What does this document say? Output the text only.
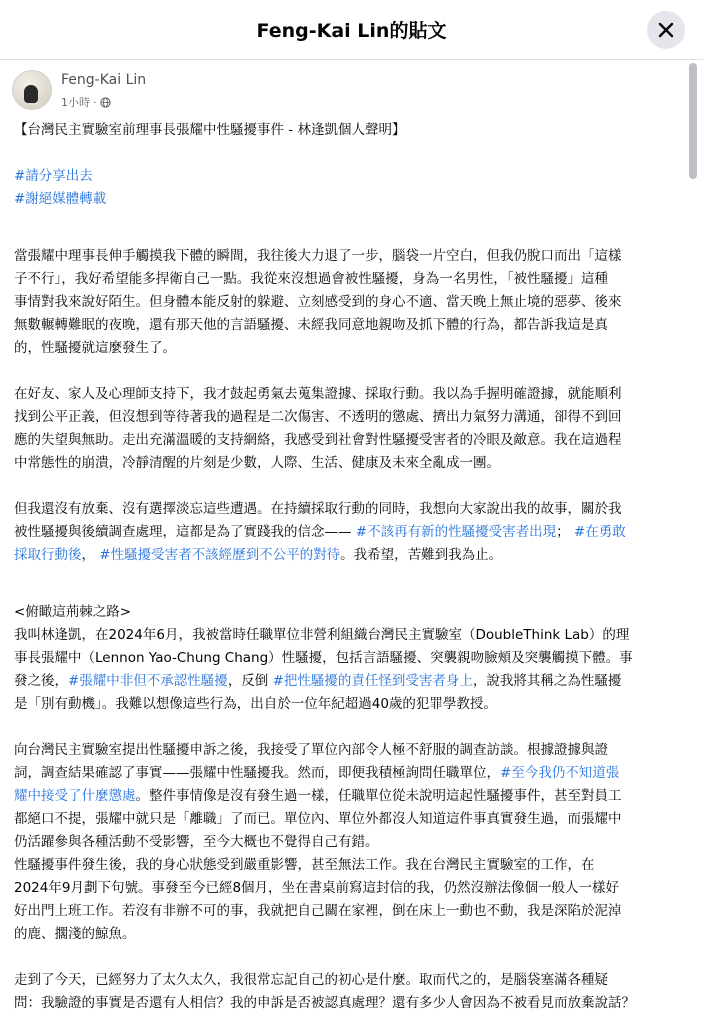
Feng-Kai Lin的貼文
Feng-Kai Lin
1小時 ·

【台灣民主實驗室前理事長張耀中性騷擾事件 - 林逢凱個人聲明】

#請分享出去
#謝絕媒體轉載

當張耀中理事長伸手觸摸我下體的瞬間，我往後大力退了一步，腦袋一片空白，但我仍脫口而出「這樣
子不行」，我好希望能多捍衛自己一點。我從來沒想過會被性騷擾，身為一名男性，「被性騷擾」這種
事情對我來說好陌生。但身體本能反射的躲避、立刻感受到的身心不適、當天晚上無止境的惡夢、後來
無數輾轉難眠的夜晚，還有那天他的言語騷擾、未經我同意地親吻及抓下體的行為，都告訴我這是真
的，性騷擾就這麼發生了。

在好友、家人及心理師支持下，我才鼓起勇氣去蒐集證據、採取行動。我以為手握明確證據，就能順利
找到公平正義，但沒想到等待著我的過程是二次傷害、不透明的懲處、擠出力氣努力溝通，卻得不到回
應的失望與無助。走出充滿溫暖的支持網絡，我感受到社會對性騷擾受害者的冷眼及敵意。我在這過程
中常態性的崩潰，冷靜清醒的片刻是少數，人際、生活、健康及未來全亂成一團。

但我還沒有放棄、沒有選擇淡忘這些遭遇。在持續採取行動的同時，我想向大家說出我的故事，關於我
被性騷擾與後續調查處理，這都是為了實踐我的信念—— #不該再有新的性騷擾受害者出現； #在勇敢
採取行動後， #性騷擾受害者不該經歷到不公平的對待。我希望，苦難到我為止。

<俯瞰這荊棘之路>

我叫林逢凱，在2024年6月，我被當時任職單位非營利組織台灣民主實驗室（DoubleThink Lab）的理
事長張耀中（Lennon Yao-Chung Chang）性騷擾，包括言語騷擾、突襲親吻臉頰及突襲觸摸下體。事
發之後，#張耀中非但不承認性騷擾，反倒 #把性騷擾的責任怪到受害者身上，說我將其稱之為性騷擾
是「別有動機」。我難以想像這些行為，出自於一位年紀超過40歲的犯罪學教授。

向台灣民主實驗室提出性騷擾申訴之後，我接受了單位內部令人極不舒服的調查訪談。根據證據與證
詞，調查結果確認了事實——張耀中性騷擾我。然而，即便我積極詢問任職單位，#至今我仍不知道張
耀中接受了什麼懲處。整件事情像是沒有發生過一樣，任職單位從未說明這起性騷擾事件，甚至對員工
都絕口不提，張耀中就只是「離職」了而已。單位內、單位外都沒人知道這件事真實發生過，而張耀中
仍活躍參與各種活動不受影響，至今大概也不覺得自己有錯。
性騷擾事件發生後，我的身心狀態受到嚴重影響，甚至無法工作。我在台灣民主實驗室的工作，在
2024年9月劃下句號。事發至今已經8個月，坐在書桌前寫這封信的我，仍然沒辦法像個一般人一樣好
好出門上班工作。若沒有非辦不可的事，我就把自己關在家裡，倒在床上一動也不動，我是深陷於泥淖
的鹿、擱淺的鯨魚。

走到了今天，已經努力了太久太久，我很常忘記自己的初心是什麼。取而代之的，是腦袋塞滿各種疑
問：我驗證的事實是否還有人相信？我的申訴是否被認真處理？還有多少人會因為不被看見而放棄說話？
